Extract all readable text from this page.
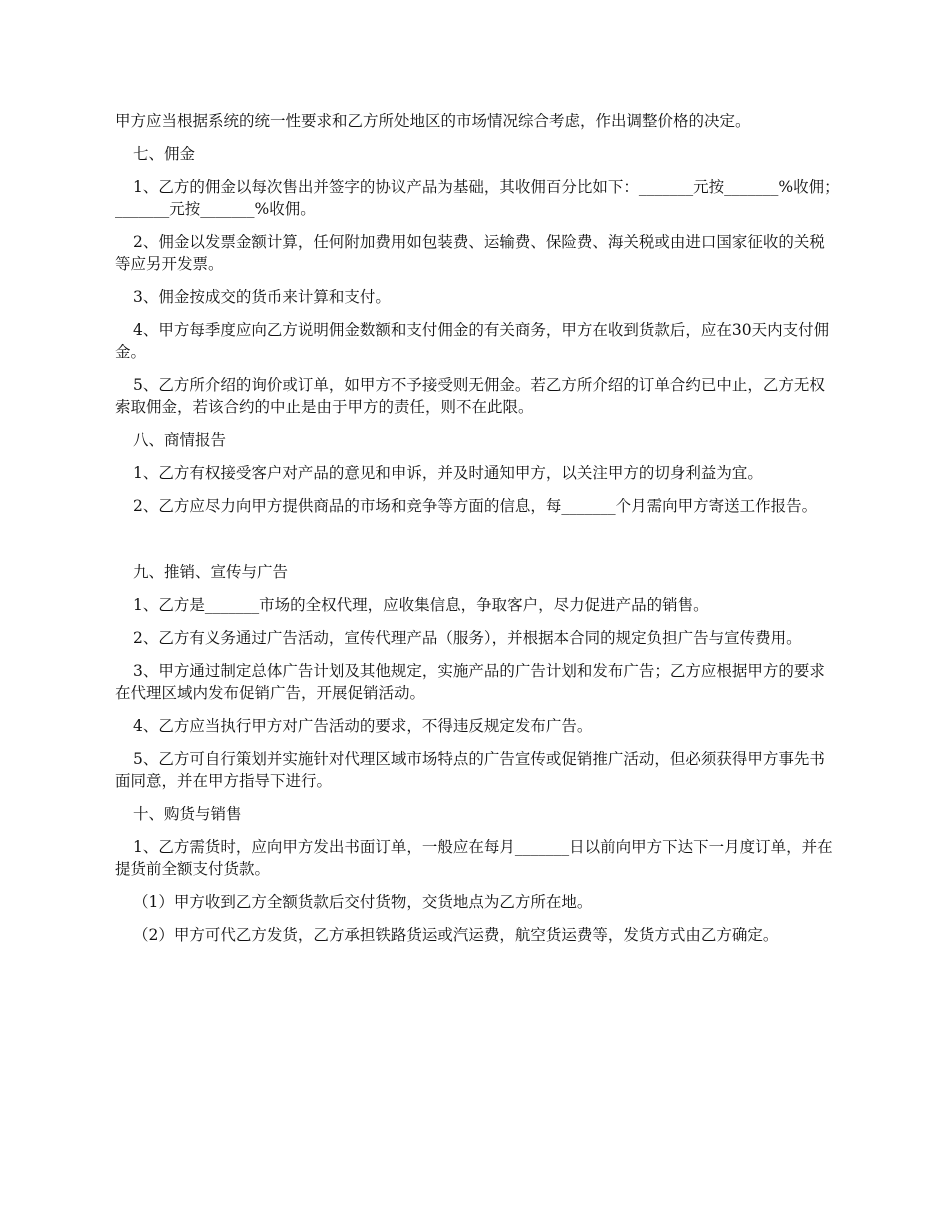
甲方应当根据系统的统一性要求和乙方所处地区的市场情况综合考虑，作出调整价格的决定。

七、佣金

1、乙方的佣金以每次售出并签字的协议产品为基础，其收佣百分比如下：_______元按_______%收佣；_______元按_______%收佣。

2、佣金以发票金额计算，任何附加费用如包装费、运输费、保险费、海关税或由进口国家征收的关税等应另开发票。

3、佣金按成交的货币来计算和支付。

4、甲方每季度应向乙方说明佣金数额和支付佣金的有关商务，甲方在收到货款后，应在30天内支付佣金。

5、乙方所介绍的询价或订单，如甲方不予接受则无佣金。若乙方所介绍的订单合约已中止，乙方无权索取佣金，若该合约的中止是由于甲方的责任，则不在此限。

八、商情报告

1、乙方有权接受客户对产品的意见和申诉，并及时通知甲方，以关注甲方的切身利益为宜。

2、乙方应尽力向甲方提供商品的市场和竞争等方面的信息，每_______个月需向甲方寄送工作报告。

九、推销、宣传与广告

1、乙方是_______市场的全权代理，应收集信息，争取客户，尽力促进产品的销售。

2、乙方有义务通过广告活动，宣传代理产品（服务），并根据本合同的规定负担广告与宣传费用。

3、甲方通过制定总体广告计划及其他规定，实施产品的广告计划和发布广告；乙方应根据甲方的要求在代理区域内发布促销广告，开展促销活动。

4、乙方应当执行甲方对广告活动的要求，不得违反规定发布广告。

5、乙方可自行策划并实施针对代理区域市场特点的广告宣传或促销推广活动，但必须获得甲方事先书面同意，并在甲方指导下进行。

十、购货与销售

1、乙方需货时，应向甲方发出书面订单，一般应在每月_______日以前向甲方下达下一月度订单，并在提货前全额支付货款。

（1）甲方收到乙方全额货款后交付货物，交货地点为乙方所在地。

（2）甲方可代乙方发货，乙方承担铁路货运或汽运费，航空货运费等，发货方式由乙方确定。
